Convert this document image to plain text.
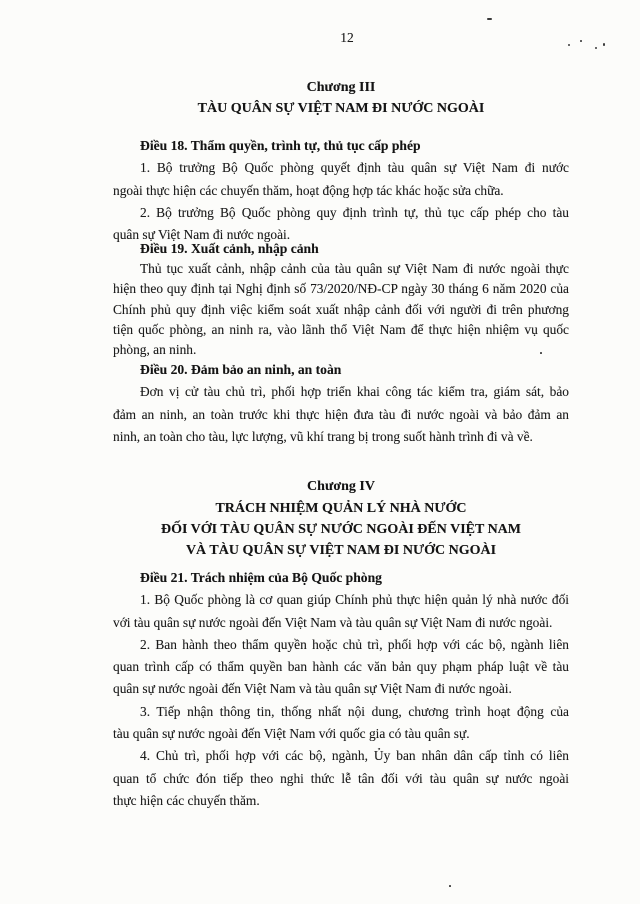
12
Chương III
TÀU QUÂN SỰ VIỆT NAM ĐI NƯỚC NGOÀI
Điều 18. Thẩm quyền, trình tự, thủ tục cấp phép
1. Bộ trưởng Bộ Quốc phòng quyết định tàu quân sự Việt Nam đi nước
ngoài thực hiện các chuyến thăm, hoạt động hợp tác khác hoặc sửa chữa.
2. Bộ trưởng Bộ Quốc phòng quy định trình tự, thủ tục cấp phép cho tàu
quân sự Việt Nam đi nước ngoài.
Điều 19. Xuất cảnh, nhập cảnh
Thủ tục xuất cảnh, nhập cảnh của tàu quân sự Việt Nam đi nước ngoài thực
hiện theo quy định tại Nghị định số 73/2020/NĐ-CP ngày 30 tháng 6 năm 2020 của
Chính phủ quy định việc kiểm soát xuất nhập cảnh đối với người đi trên phương
tiện quốc phòng, an ninh ra, vào lãnh thổ Việt Nam để thực hiện nhiệm vụ quốc
phòng, an ninh.
Điều 20. Đảm bảo an ninh, an toàn
Đơn vị cử tàu chủ trì, phối hợp triển khai công tác kiểm tra, giám sát, bảo
đảm an ninh, an toàn trước khi thực hiện đưa tàu đi nước ngoài và bảo đảm an
ninh, an toàn cho tàu, lực lượng, vũ khí trang bị trong suốt hành trình đi và về.
Chương IV
TRÁCH NHIỆM QUẢN LÝ NHÀ NƯỚC
ĐỐI VỚI TÀU QUÂN SỰ NƯỚC NGOÀI ĐẾN VIỆT NAM
VÀ TÀU QUÂN SỰ VIỆT NAM ĐI NƯỚC NGOÀI
Điều 21. Trách nhiệm của Bộ Quốc phòng
1. Bộ Quốc phòng là cơ quan giúp Chính phủ thực hiện quản lý nhà nước đối
với tàu quân sự nước ngoài đến Việt Nam và tàu quân sự Việt Nam đi nước ngoài.
2. Ban hành theo thẩm quyền hoặc chủ trì, phối hợp với các bộ, ngành liên
quan trình cấp có thẩm quyền ban hành các văn bản quy phạm pháp luật về tàu
quân sự nước ngoài đến Việt Nam và tàu quân sự Việt Nam đi nước ngoài.
3. Tiếp nhận thông tin, thống nhất nội dung, chương trình hoạt động của
tàu quân sự nước ngoài đến Việt Nam với quốc gia có tàu quân sự.
4. Chủ trì, phối hợp với các bộ, ngành, Ủy ban nhân dân cấp tỉnh có liên
quan tổ chức đón tiếp theo nghi thức lễ tân đối với tàu quân sự nước ngoài
thực hiện các chuyến thăm.
